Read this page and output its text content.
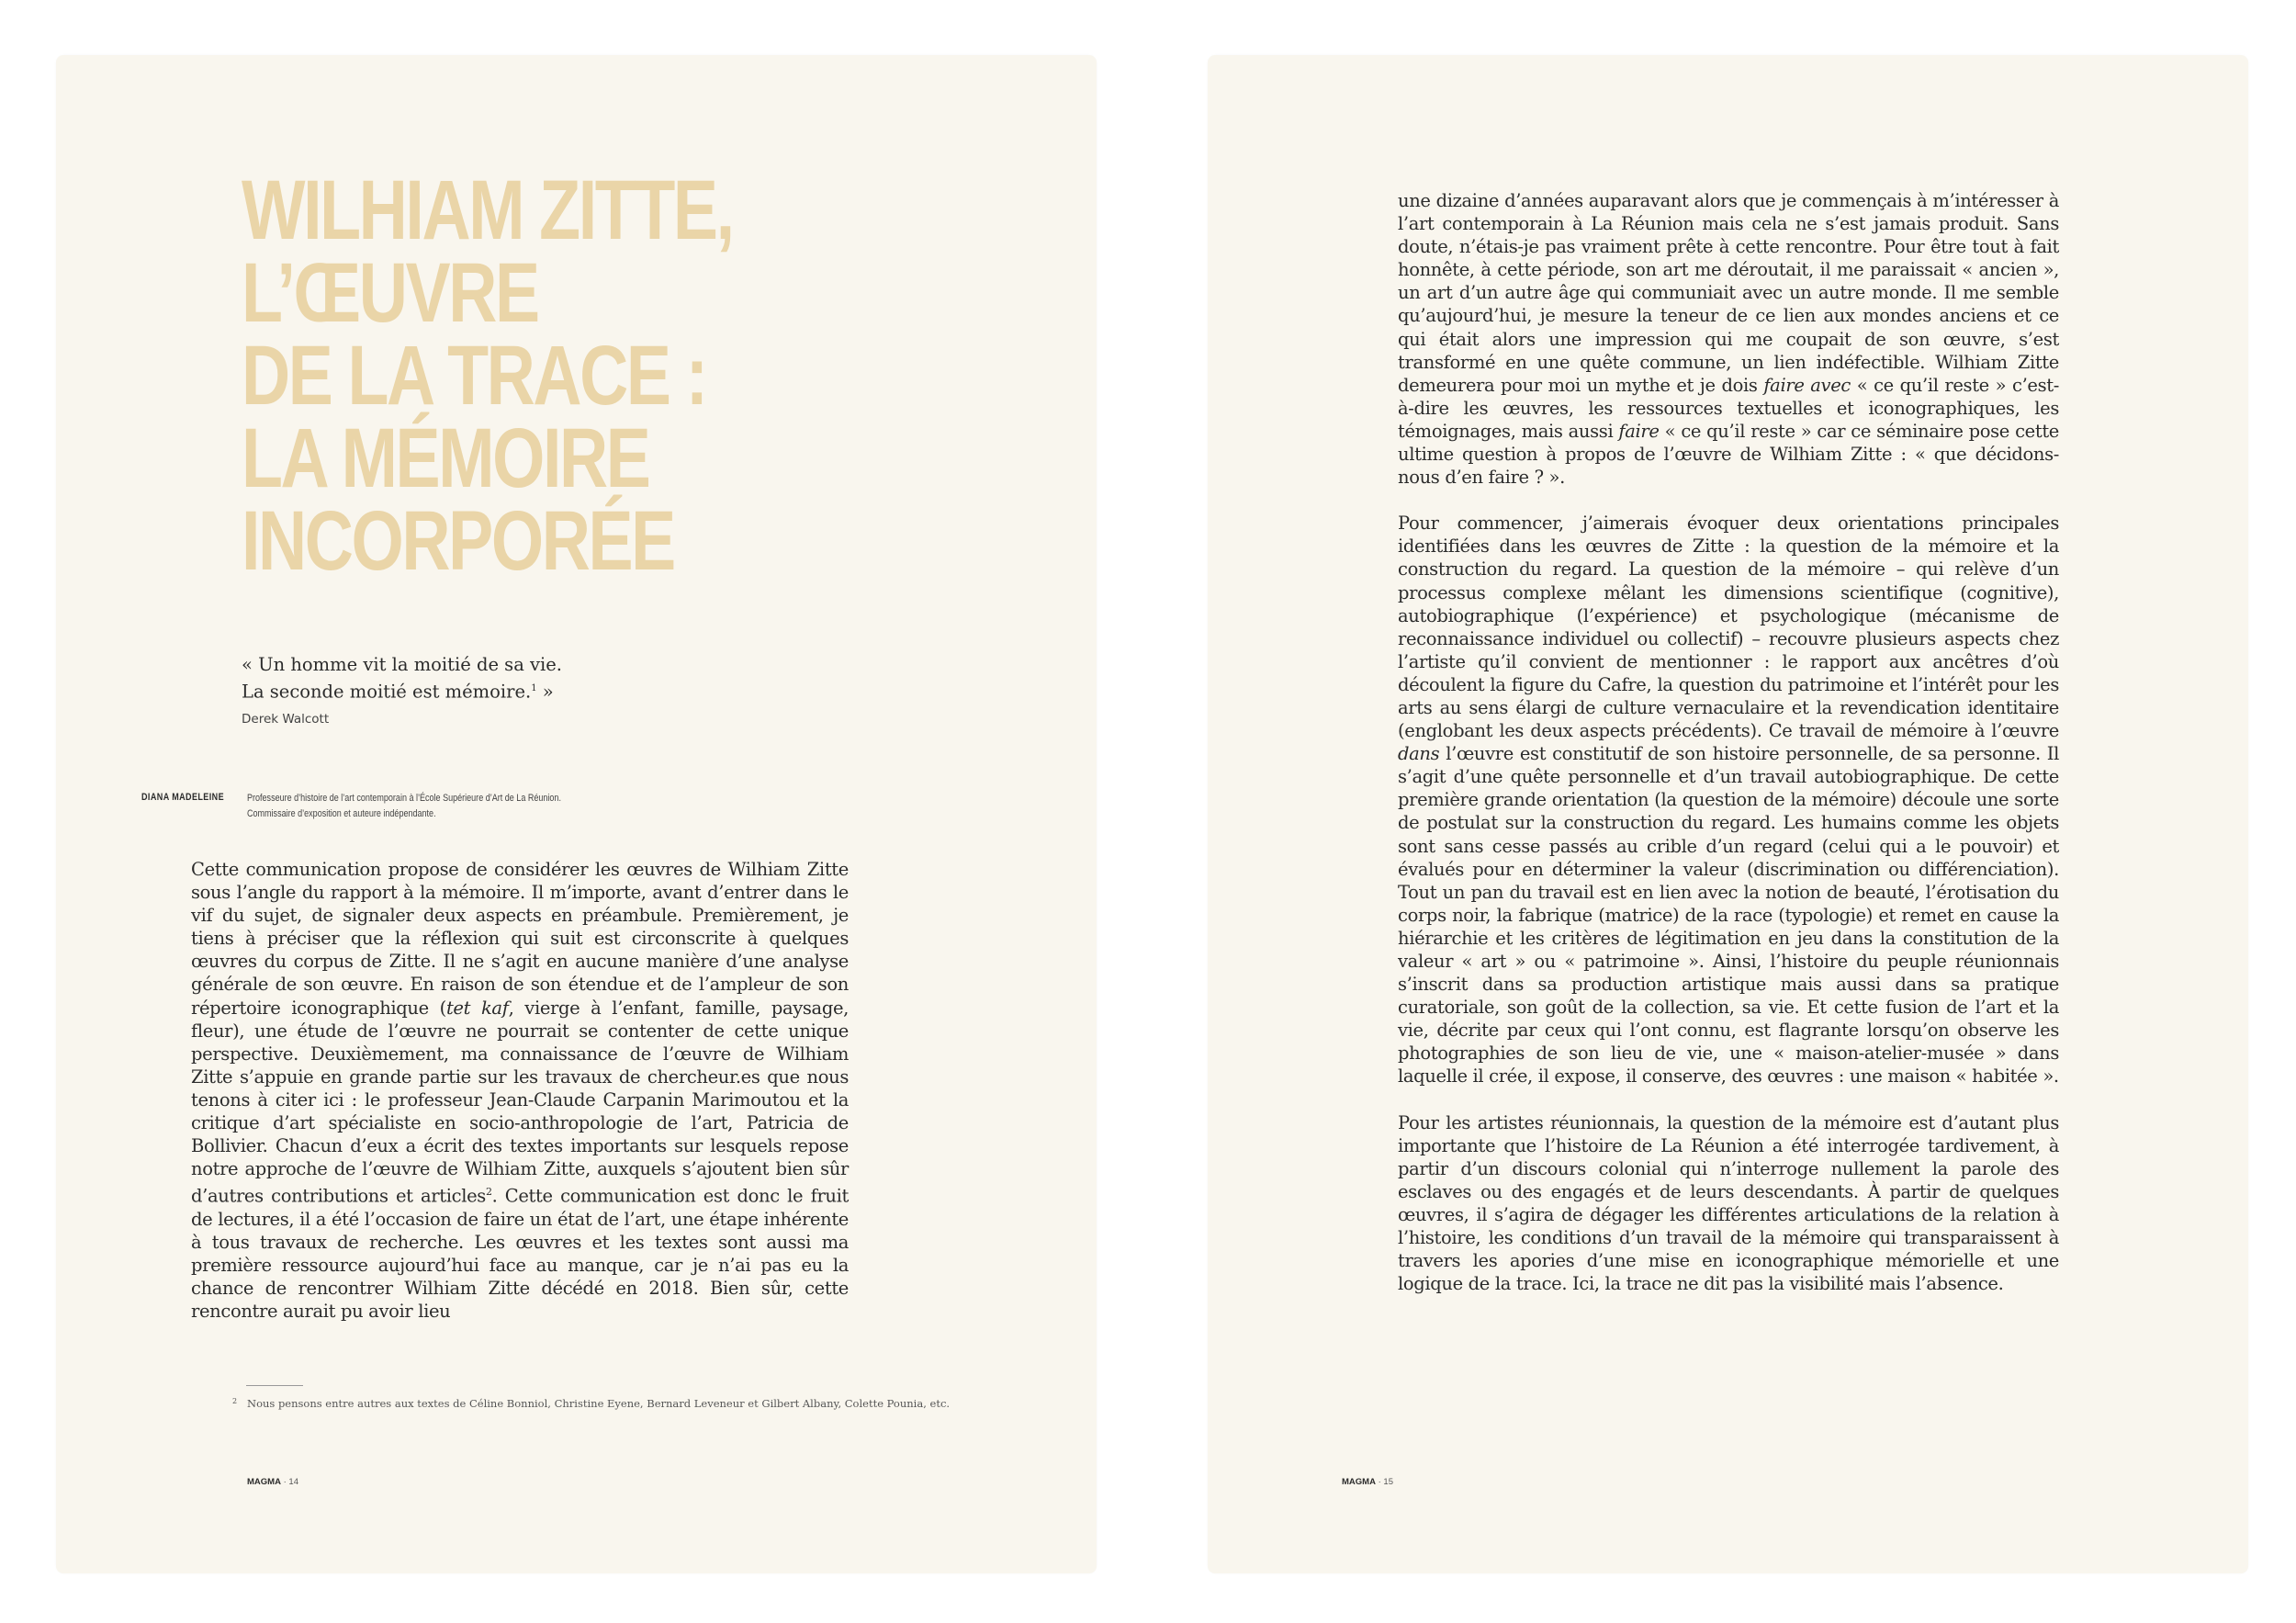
WILHIAM ZITTE,
L’ŒUVRE
DE LA TRACE :
LA MÉMOIRE
INCORPORÉE
« Un homme vit la moitié de sa vie.
La seconde moitié est mémoire.$^1$ »
Derek Walcott
DIANA MADELEINE Professeure d’histoire de l’art contemporain à l’École Supérieure d’Art de La Réunion.
Commissaire d’exposition et auteure indépendante.
2 Nous pensons entre autres aux textes de Céline Bonniol, Christine Eyene, Bernard Leveneur et Gilbert Albany, Colette Pounia, etc.
MAGMA · 14	MAGMA · 15

Cette communication propose de considérer les œuvres de Wilhiam Zitte sous l’angle du rapport à la mémoire. Il m’importe, avant d’entrer dans le vif du sujet, de signaler deux aspects en préambule. Premièrement, je tiens à préciser que la réflexion qui suit est circonscrite à quelques œuvres du corpus de Zitte. Il ne s’agit en aucune manière d’une analyse générale de son œuvre. En raison de son étendue et de l’ampleur de son répertoire iconographique (tet kaf, vierge à l’enfant, famille, paysage, fleur), une étude de l’œuvre ne pourrait se contenter de cette unique perspective. Deuxièmement, ma connaissance de l’œuvre de Wilhiam Zitte s’appuie en grande partie sur les travaux de chercheur.es que nous tenons à citer ici : le professeur Jean-Claude Carpanin Marimoutou et la critique d’art spécialiste en socio-anthropologie de l’art, Patricia de Bollivier. Chacun d’eux a écrit des textes importants sur lesquels repose notre approche de l’œuvre de Wilhiam Zitte, auxquels s’ajoutent bien sûr d’autres contributions et articles$^2$. Cette communication est donc le fruit de lectures, il a été l’occasion de faire un état de l’art, une étape inhérente à tous travaux de recherche. Les œuvres et les textes sont aussi ma première ressource aujourd’hui face au manque, car je n’ai pas eu la chance de rencontrer Wilhiam Zitte décédé en 2018. Bien sûr, cette rencontre aurait pu avoir lieu

une dizaine d’années auparavant alors que je commençais à m’intéresser à l’art contemporain à La Réunion mais cela ne s’est jamais produit. Sans doute, n’étais-je pas vraiment prête à cette rencontre. Pour être tout à fait honnête, à cette période, son art me déroutait, il me paraissait « ancien », un art d’un autre âge qui communiait avec un autre monde. Il me semble qu’aujourd’hui, je mesure la teneur de ce lien aux mondes anciens et ce qui était alors une impression qui me coupait de son œuvre, s’est transformé en une quête commune, un lien indéfectible. Wilhiam Zitte demeurera pour moi un mythe et je dois faire avec « ce qu’il reste » c’est-à-dire les œuvres, les ressources textuelles et iconographiques, les témoignages, mais aussi faire « ce qu’il reste » car ce séminaire pose cette ultime question à propos de l’œuvre de Wilhiam Zitte : « que décidons-nous d’en faire ? ».

Pour commencer, j’aimerais évoquer deux orientations principales identifiées dans les œuvres de Zitte : la question de la mémoire et la construction du regard. La question de la mémoire – qui relève d’un processus complexe mêlant les dimensions scientifique (cognitive), autobiographique (l’expérience) et psychologique (mécanisme de reconnaissance individuel ou collectif) – recouvre plusieurs aspects chez l’artiste qu’il convient de mentionner : le rapport aux ancêtres d’où découlent la figure du Cafre, la question du patrimoine et l’intérêt pour les arts au sens élargi de culture vernaculaire et la revendication identitaire (englobant les deux aspects précédents). Ce travail de mémoire à l’œuvre dans l’œuvre est constitutif de son histoire personnelle, de sa personne. Il s’agit d’une quête personnelle et d’un travail autobiographique. De cette première grande orientation (la question de la mémoire) découle une sorte de postulat sur la construction du regard. Les humains comme les objets sont sans cesse passés au crible d’un regard (celui qui a le pouvoir) et évalués pour en déterminer la valeur (discrimination ou différenciation). Tout un pan du travail est en lien avec la notion de beauté, l’érotisation du corps noir, la fabrique (matrice) de la race (typologie) et remet en cause la hiérarchie et les critères de légitimation en jeu dans la constitution de la valeur « art » ou « patrimoine ». Ainsi, l’histoire du peuple réunionnais s’inscrit dans sa production artistique mais aussi dans sa pratique curatoriale, son goût de la collection, sa vie. Et cette fusion de l’art et la vie, décrite par ceux qui l’ont connu, est flagrante lorsqu’on observe les photographies de son lieu de vie, une « maison-atelier-musée » dans laquelle il crée, il expose, il conserve, des œuvres : une maison « habitée ».

Pour les artistes réunionnais, la question de la mémoire est d’autant plus importante que l’histoire de La Réunion a été interrogée tardivement, à partir d’un discours colonial qui n’interroge nullement la parole des esclaves ou des engagés et de leurs descendants. À partir de quelques œuvres, il s’agira de dégager les différentes articulations de la relation à l’histoire, les conditions d’un travail de la mémoire qui transparaissent à travers les apories d’une mise en iconographique mémorielle et une logique de la trace. Ici, la trace ne dit pas la visibilité mais l’absence.
